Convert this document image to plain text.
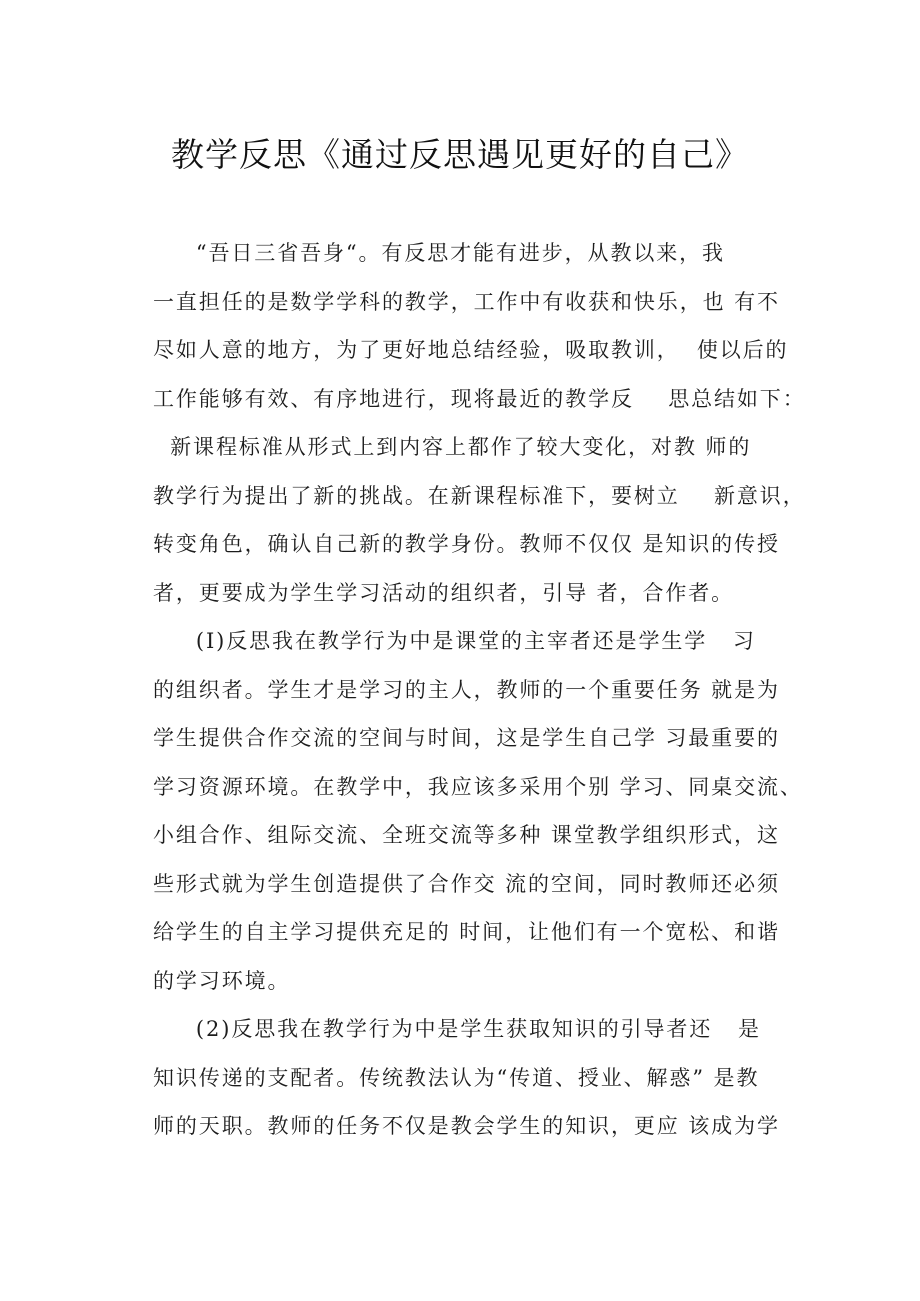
教学反思《通过反思遇见更好的自己》
“吾日三省吾身“。有反思才能有进步，从教以来，我
一直担任的是数学学科的教学，工作中有收获和快乐，也 有不
尽如人意的地方，为了更好地总结经验，吸取教训，  使以后的
工作能够有效、有序地进行，现将最近的教学反    思总结如下：
新课程标准从形式上到内容上都作了较大变化，对教 师的
教学行为提出了新的挑战。在新课程标准下，要树立    新意识，
转变角色，确认自己新的教学身份。教师不仅仅 是知识的传授
者，更要成为学生学习活动的组织者，引导 者，合作者。
(I)反思我在教学行为中是课堂的主宰者还是学生学   习
的组织者。学生才是学习的主人，教师的一个重要任务 就是为
学生提供合作交流的空间与时间，这是学生自己学 习最重要的
学习资源环境。在教学中，我应该多采用个别 学习、同桌交流、
小组合作、组际交流、全班交流等多种 课堂教学组织形式，这
些形式就为学生创造提供了合作交 流的空间，同时教师还必须
给学生的自主学习提供充足的 时间，让他们有一个宽松、和谐
的学习环境。
(2)反思我在教学行为中是学生获取知识的引导者还   是
知识传递的支配者。传统教法认为“传道、授业、解惑” 是教
师的天职。教师的任务不仅是教会学生的知识，更应 该成为学
